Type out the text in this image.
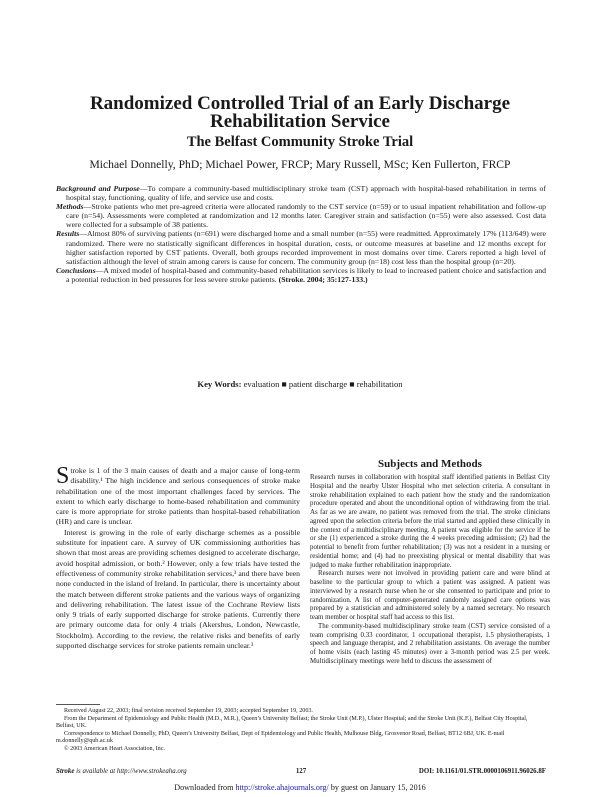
Randomized Controlled Trial of an Early Discharge
Rehabilitation Service
The Belfast Community Stroke Trial
Michael Donnelly, PhD; Michael Power, FRCP; Mary Russell, MSc; Ken Fullerton, FRCP

Background and Purpose—To compare a community-based multidisciplinary stroke team (CST) approach with hospital-based rehabilitation in terms of hospital stay, functioning, quality of life, and service use and costs.

Methods—Stroke patients who met pre-agreed criteria were allocated randomly to the CST service (n=59) or to usual inpatient rehabilitation and follow-up care (n=54). Assessments were completed at randomization and 12 months later. Caregiver strain and satisfaction (n=55) were also assessed. Cost data were collected for a subsample of 38 patients.

Results—Almost 80% of surviving patients (n=691) were discharged home and a small number (n=55) were readmitted. Approximately 17% (113/649) were randomized. There were no statistically significant differences in hospital duration, costs, or outcome measures at baseline and 12 months except for higher satisfaction reported by CST patients. Overall, both groups recorded improvement in most domains over time. Carers reported a high level of satisfaction although the level of strain among carers is cause for concern. The community group (n=18) cost less than the hospital group (n=20).

Conclusions—A mixed model of hospital-based and community-based rehabilitation services is likely to lead to increased patient choice and satisfaction and a potential reduction in bed pressures for less severe stroke patients. (Stroke. 2004; 35:127-133.)

Key Words: evaluation ■ patient discharge ■ rehabilitation

Stroke is 1 of the 3 main causes of death and a major cause of long-term disability.¹ The high incidence and serious consequences of stroke make rehabilitation one of the most important challenges faced by services. The extent to which early discharge to home-based rehabilitation and community care is more appropriate for stroke patients than hospital-based rehabilitation (HR) and care is unclear.

Interest is growing in the role of early discharge schemes as a possible substitute for inpatient care. A survey of UK commissioning authorities has shown that most areas are providing schemes designed to accelerate discharge, avoid hospital admission, or both.² However, only a few trials have tested the effectiveness of community stroke rehabilitation services,³ and there have been none conducted in the island of Ireland. In particular, there is uncertainty about the match between different stroke patients and the various ways of organizing and delivering rehabilitation. The latest issue of the Cochrane Review lists only 9 trials of early supported discharge for stroke patients. Currently there are primary outcome data for only 4 trials (Akershus, London, Newcastle, Stockholm). According to the review, the relative risks and benefits of early supported discharge services for stroke patients remain unclear.³

Subjects and Methods

Research nurses in collaboration with hospital staff identified patients in Belfast City Hospital and the nearby Ulster Hospital who met selection criteria. A consultant in stroke rehabilitation explained to each patient how the study and the randomization procedure operated and about the unconditional option of withdrawing from the trial. As far as we are aware, no patient was removed from the trial. The stroke clinicians agreed upon the selection criteria before the trial started and applied these clinically in the context of a multidisciplinary meeting. A patient was eligible for the service if he or she (1) experienced a stroke during the 4 weeks preceding admission; (2) had the potential to benefit from further rehabilitation; (3) was not a resident in a nursing or residential home; and (4) had no preexisting physical or mental disability that was judged to make further rehabilitation inappropriate.

Research nurses were not involved in providing patient care and were blind at baseline to the particular group to which a patient was assigned. A patient was interviewed by a research nurse when he or she consented to participate and prior to randomization. A list of computer-generated randomly assigned care options was prepared by a statistician and administered solely by a named secretary. No research team member or hospital staff had access to this list.

The community-based multidisciplinary stroke team (CST) service consisted of a team comprising 0.33 coordinator, 1 occupational therapist, 1.5 physiotherapists, 1 speech and language therapist, and 2 rehabilitation assistants. On average the number of home visits (each lasting 45 minutes) over a 3-month period was 2.5 per week. Multidisciplinary meetings were held to discuss the assessment of

Received August 22, 2003; final revision received September 19, 2003; accepted September 19, 2003.

From the Department of Epidemiology and Public Health (M.D., M.R.), Queen’s University Belfast; the Stroke Unit (M.P.), Ulster Hospital; and the Stroke Unit (K.F.), Belfast City Hospital, Belfast, UK.

Correspondence to Michael Donnelly, PhD, Queen’s University Belfast, Dept of Epidemiology and Public Health, Mulhouse Bldg, Grosvenor Road, Belfast, BT12 6BJ, UK. E-mail m.donnelly@qub.ac.uk

© 2003 American Heart Association, Inc.

Stroke is available at http://www.strokeaha.org	127	DOI: 10.1161/01.STR.0000106911.96026.8F
Downloaded from http://stroke.ahajournals.org/ by guest on January 15, 2016
